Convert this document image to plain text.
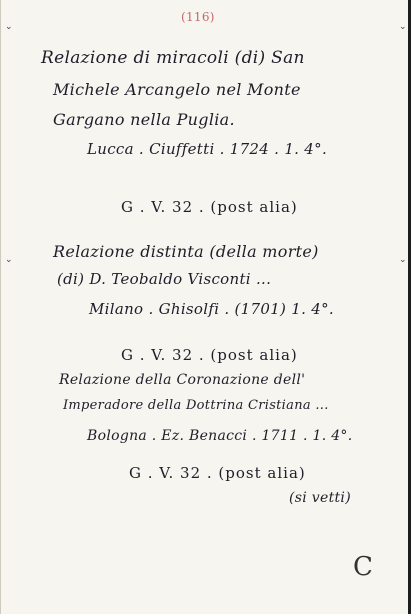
(116)
Relazione di miracoli (di) San
Michele Arcangelo nel Monte
Gargano nella Puglia.
Lucca . Ciuffetti . 1724 . 1. 4°.
G . V. 32 . (post alia)
Relazione distinta (della morte)
(di) D. Teobaldo Visconti ...
Milano . Ghisolfi . (1701) 1. 4°.
G . V. 32 . (post alia)
Relazione della Coronazione dell'
Imperadore della Dottrina Cristiana ...
Bologna . Ez. Benacci . 1711 . 1. 4°.
G . V. 32 . (post alia)
(si vetti)
C
⌄
⌄
⌄
⌄
